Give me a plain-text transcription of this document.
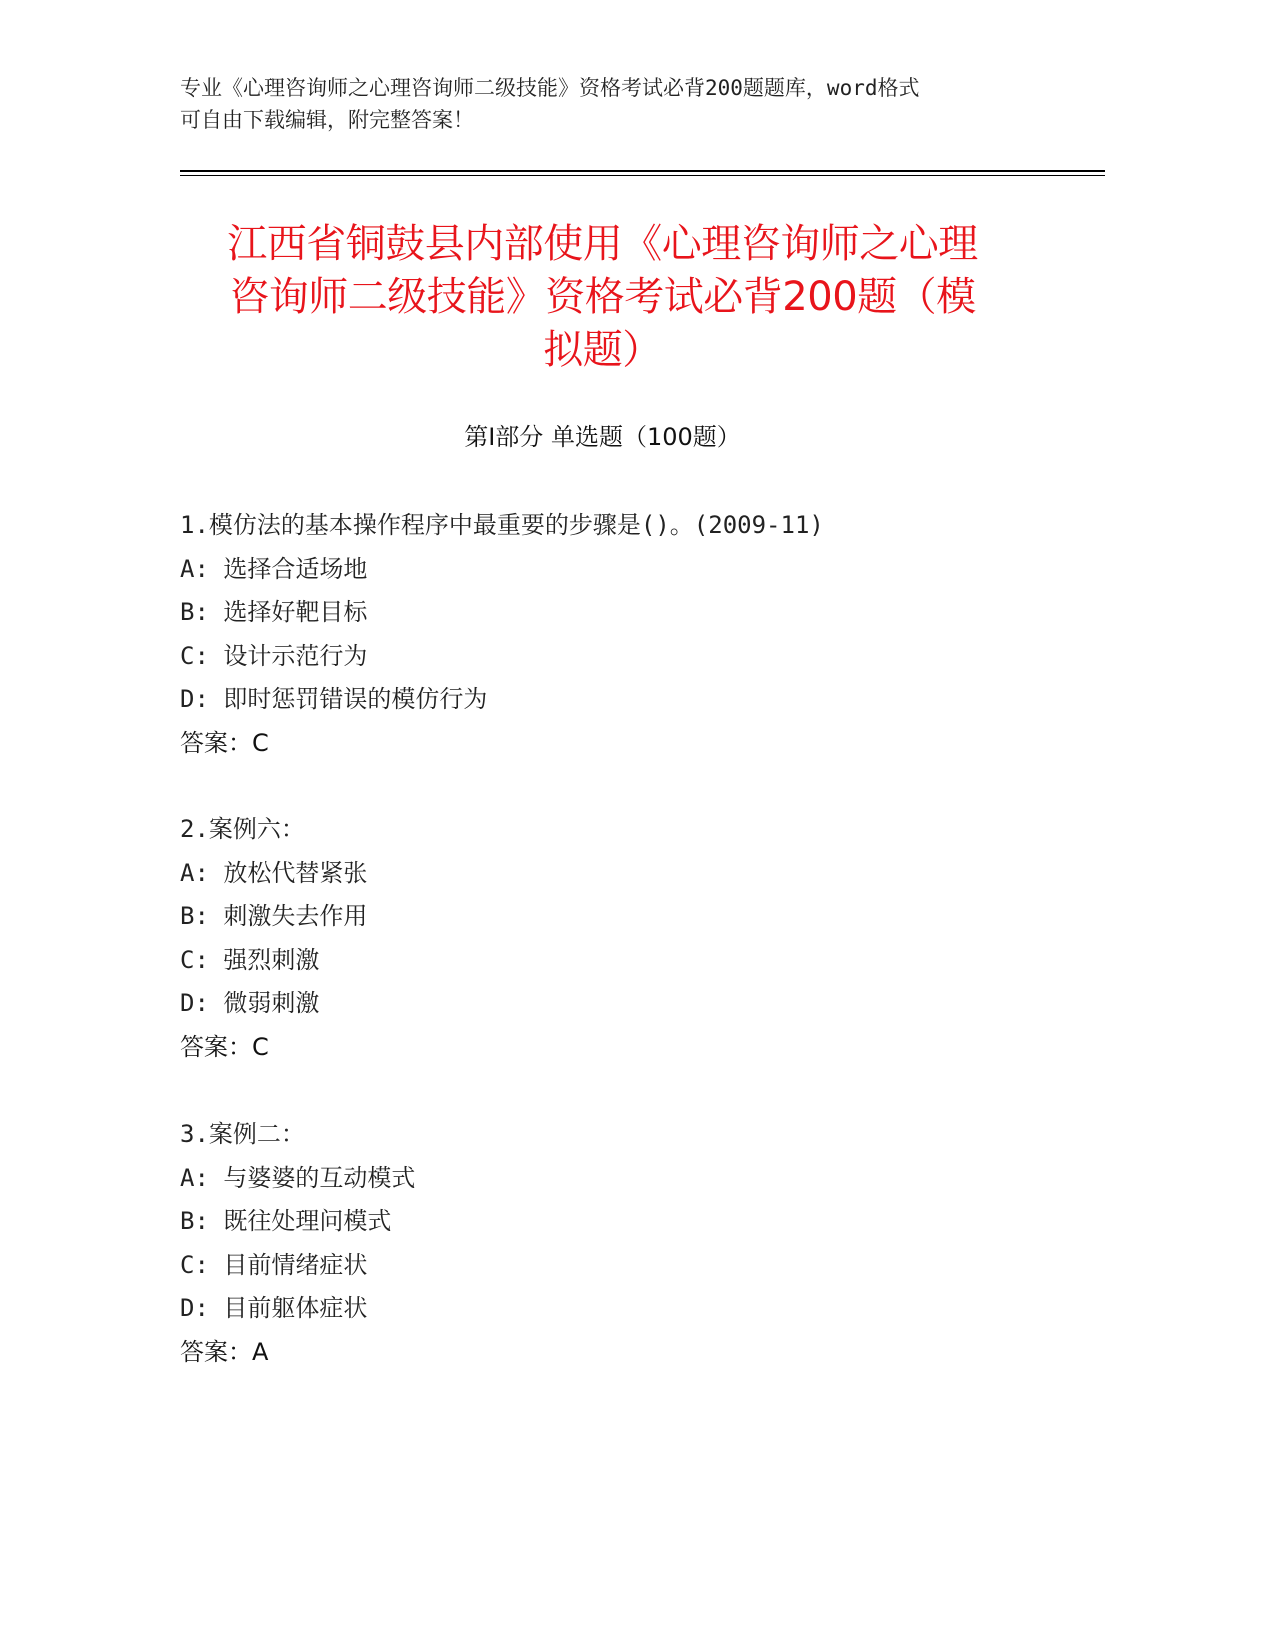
专业《心理咨询师之心理咨询师二级技能》资格考试必背200题题库，word格式
可自由下载编辑，附完整答案！
江西省铜鼓县内部使用《心理咨询师之心理
咨询师二级技能》资格考试必背200题（模
拟题）
第Ⅰ部分 单选题（100题）
1.模仿法的基本操作程序中最重要的步骤是()。(2009-11)
A: 选择合适场地
B: 选择好靶目标
C: 设计示范行为
D: 即时惩罚错误的模仿行为
答案：C
2.案例六：
A: 放松代替紧张
B: 刺激失去作用
C: 强烈刺激
D: 微弱刺激
答案：C
3.案例二：
A: 与婆婆的互动模式
B: 既往处理问模式
C: 目前情绪症状
D: 目前躯体症状
答案：A
